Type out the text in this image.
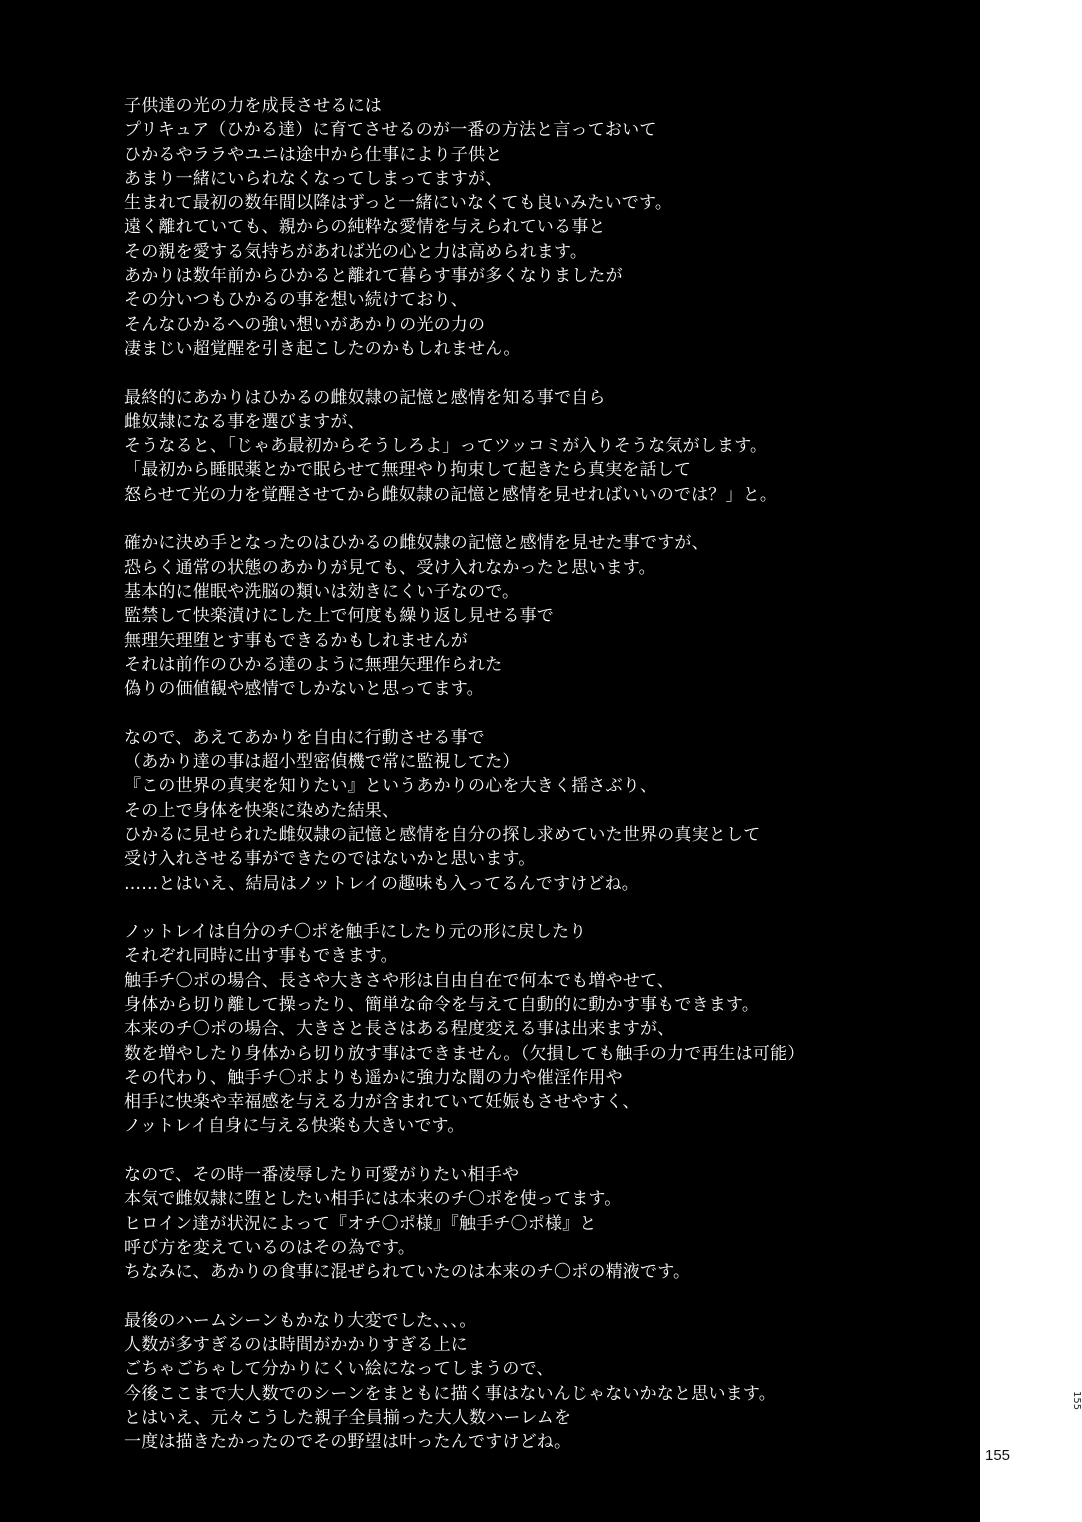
子供達の光の力を成長させるには
プリキュア（ひかる達）に育てさせるのが一番の方法と言っておいて
ひかるやララやユニは途中から仕事により子供と
あまり一緒にいられなくなってしまってますが、
生まれて最初の数年間以降はずっと一緒にいなくても良いみたいです。
遠く離れていても、親からの純粋な愛情を与えられている事と
その親を愛する気持ちがあれば光の心と力は高められます。
あかりは数年前からひかると離れて暮らす事が多くなりましたが
その分いつもひかるの事を想い続けており、
そんなひかるへの強い想いがあかりの光の力の
凄まじい超覚醒を引き起こしたのかもしれません。
最終的にあかりはひかるの雌奴隷の記憶と感情を知る事で自ら
雌奴隷になる事を選びますが、
そうなると、「じゃあ最初からそうしろよ」ってツッコミが入りそうな気がします。
「最初から睡眠薬とかで眠らせて無理やり拘束して起きたら真実を話して
怒らせて光の力を覚醒させてから雌奴隷の記憶と感情を見せればいいのでは？」と。
確かに決め手となったのはひかるの雌奴隷の記憶と感情を見せた事ですが、
恐らく通常の状態のあかりが見ても、受け入れなかったと思います。
基本的に催眠や洗脳の類いは効きにくい子なので。
監禁して快楽漬けにした上で何度も繰り返し見せる事で
無理矢理堕とす事もできるかもしれませんが
それは前作のひかる達のように無理矢理作られた
偽りの価値観や感情でしかないと思ってます。
なので、あえてあかりを自由に行動させる事で
（あかり達の事は超小型密偵機で常に監視してた）
『この世界の真実を知りたい』というあかりの心を大きく揺さぶり、
その上で身体を快楽に染めた結果、
ひかるに見せられた雌奴隷の記憶と感情を自分の探し求めていた世界の真実として
受け入れさせる事ができたのではないかと思います。
……とはいえ、結局はノットレイの趣味も入ってるんですけどね。
ノットレイは自分のチ〇ポを触手にしたり元の形に戻したり
それぞれ同時に出す事もできます。
触手チ〇ポの場合、長さや大きさや形は自由自在で何本でも増やせて、
身体から切り離して操ったり、簡単な命令を与えて自動的に動かす事もできます。
本来のチ〇ポの場合、大きさと長さはある程度変える事は出来ますが、
数を増やしたり身体から切り放す事はできません。（欠損しても触手の力で再生は可能）
その代わり、触手チ〇ポよりも遥かに強力な闇の力や催淫作用や
相手に快楽や幸福感を与える力が含まれていて妊娠もさせやすく、
ノットレイ自身に与える快楽も大きいです。
なので、その時一番凌辱したり可愛がりたい相手や
本気で雌奴隷に堕としたい相手には本来のチ〇ポを使ってます。
ヒロイン達が状況によって『オチ〇ポ様』『触手チ〇ポ様』と
呼び方を変えているのはその為です。
ちなみに、あかりの食事に混ぜられていたのは本来のチ〇ポの精液です。
最後のハームシーンもかなり大変でした、、、。
人数が多すぎるのは時間がかかりすぎる上に
ごちゃごちゃして分かりにくい絵になってしまうので、
今後ここまで大人数でのシーンをまともに描く事はないんじゃないかなと思います。
とはいえ、元々こうした親子全員揃った大人数ハーレムを
一度は描きたかったのでその野望は叶ったんですけどね。
155
155
